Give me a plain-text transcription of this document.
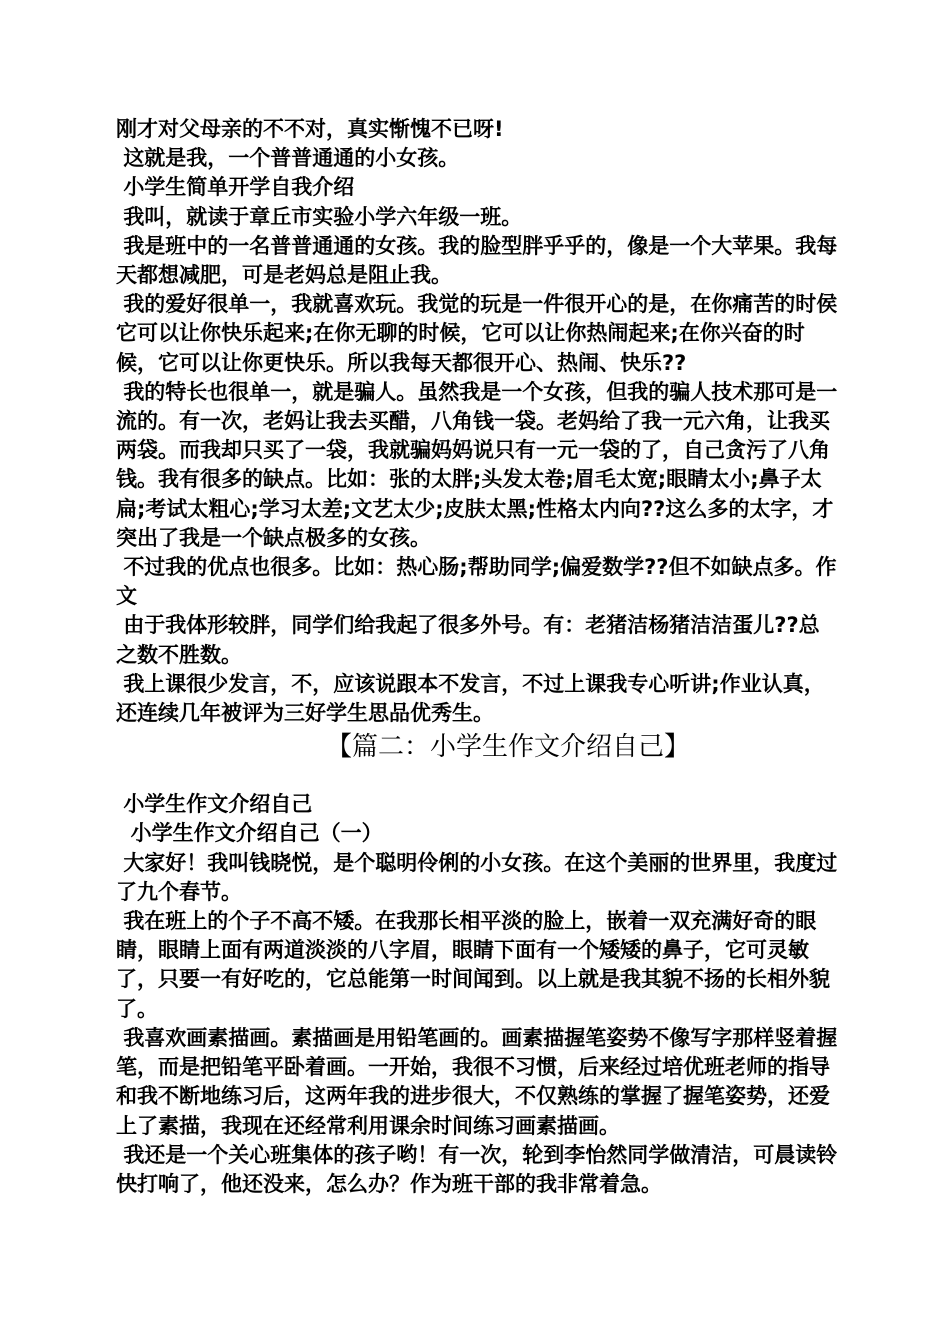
刚才对父母亲的不不对，真实惭愧不已呀!

这就是我，一个普普通通的小女孩。

小学生简单开学自我介绍

我叫，就读于章丘市实验小学六年级一班。

我是班中的一名普普通通的女孩。我的脸型胖乎乎的，像是一个大苹果。我每天都想减肥，可是老妈总是阻止我。

我的爱好很单一，我就喜欢玩。我觉的玩是一件很开心的是，在你痛苦的时侯它可以让你快乐起来;在你无聊的时候，它可以让你热闹起来;在你兴奋的时候，它可以让你更快乐。所以我每天都很开心、热闹、快乐??

我的特长也很单一，就是骗人。虽然我是一个女孩，但我的骗人技术那可是一流的。有一次，老妈让我去买醋，八角钱一袋。老妈给了我一元六角，让我买两袋。而我却只买了一袋，我就骗妈妈说只有一元一袋的了，自己贪污了八角钱。我有很多的缺点。比如：张的太胖;头发太卷;眉毛太宽;眼睛太小;鼻子太扁;考试太粗心;学习太差;文艺太少;皮肤太黑;性格太内向??这么多的太字，才突出了我是一个缺点极多的女孩。

不过我的优点也很多。比如：热心肠;帮助同学;偏爱数学??但不如缺点多。作文

由于我体形较胖，同学们给我起了很多外号。有：老猪洁杨猪洁洁蛋儿??总之数不胜数。

我上课很少发言，不，应该说跟本不发言，不过上课我专心听讲;作业认真，还连续几年被评为三好学生思品优秀生。

【篇二：小学生作文介绍自己】

小学生作文介绍自己

小学生作文介绍自己（一）

大家好！我叫钱晓悦，是个聪明伶俐的小女孩。在这个美丽的世界里，我度过了九个春节。

我在班上的个子不高不矮。在我那长相平淡的脸上，嵌着一双充满好奇的眼睛，眼睛上面有两道淡淡的八字眉，眼睛下面有一个矮矮的鼻子，它可灵敏了，只要一有好吃的，它总能第一时间闻到。以上就是我其貌不扬的长相外貌了。

我喜欢画素描画。素描画是用铅笔画的。画素描握笔姿势不像写字那样竖着握笔，而是把铅笔平卧着画。一开始，我很不习惯，后来经过培优班老师的指导和我不断地练习后，这两年我的进步很大，不仅熟练的掌握了握笔姿势，还爱上了素描，我现在还经常利用课余时间练习画素描画。

我还是一个关心班集体的孩子哟！有一次，轮到李怡然同学做清洁，可晨读铃快打响了，他还没来，怎么办？作为班干部的我非常着急。
